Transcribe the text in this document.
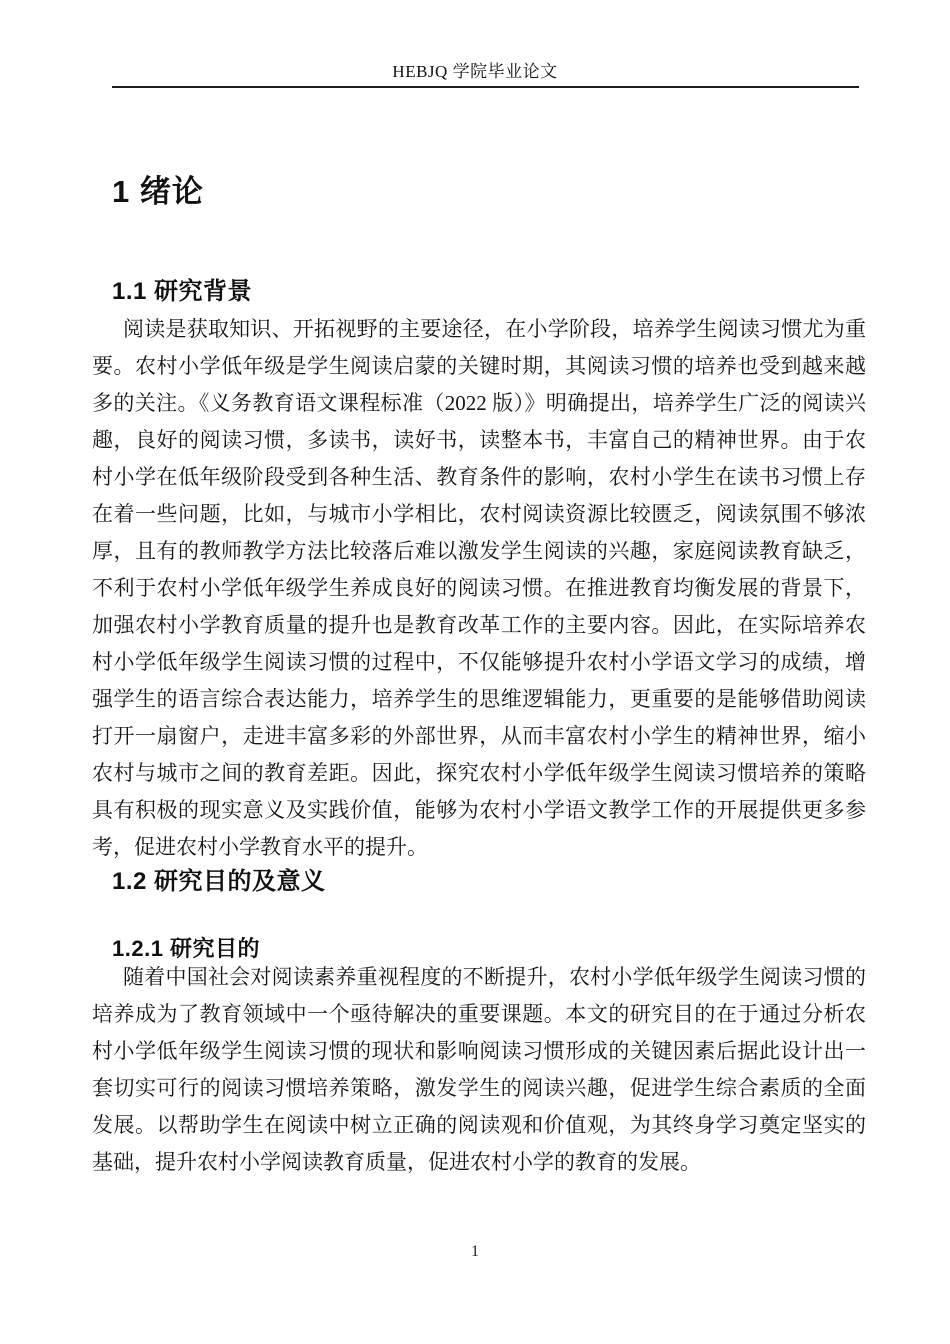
HEBJQ 学院毕业论文
1 绪论
1.1 研究背景

阅读是获取知识、开拓视野的主要途径，在小学阶段，培养学生阅读习惯尤为重要。农村小学低年级是学生阅读启蒙的关键时期，其阅读习惯的培养也受到越来越多的关注。《义务教育语文课程标准（2022 版）》明确提出，培养学生广泛的阅读兴趣，良好的阅读习惯，多读书，读好书，读整本书，丰富自己的精神世界。由于农村小学在低年级阶段受到各种生活、教育条件的影响，农村小学生在读书习惯上存在着一些问题，比如，与城市小学相比，农村阅读资源比较匮乏，阅读氛围不够浓厚，且有的教师教学方法比较落后难以激发学生阅读的兴趣，家庭阅读教育缺乏，不利于农村小学低年级学生养成良好的阅读习惯。在推进教育均衡发展的背景下，加强农村小学教育质量的提升也是教育改革工作的主要内容。因此，在实际培养农村小学低年级学生阅读习惯的过程中，不仅能够提升农村小学语文学习的成绩，增强学生的语言综合表达能力，培养学生的思维逻辑能力，更重要的是能够借助阅读打开一扇窗户，走进丰富多彩的外部世界，从而丰富农村小学生的精神世界，缩小农村与城市之间的教育差距。因此，探究农村小学低年级学生阅读习惯培养的策略具有积极的现实意义及实践价值，能够为农村小学语文教学工作的开展提供更多参考，促进农村小学教育水平的提升。

1.2 研究目的及意义
1.2.1 研究目的

随着中国社会对阅读素养重视程度的不断提升，农村小学低年级学生阅读习惯的培养成为了教育领域中一个亟待解决的重要课题。本文的研究目的在于通过分析农村小学低年级学生阅读习惯的现状和影响阅读习惯形成的关键因素后据此设计出一套切实可行的阅读习惯培养策略，激发学生的阅读兴趣，促进学生综合素质的全面发展。以帮助学生在阅读中树立正确的阅读观和价值观，为其终身学习奠定坚实的基础，提升农村小学阅读教育质量，促进农村小学的教育的发展。

1
